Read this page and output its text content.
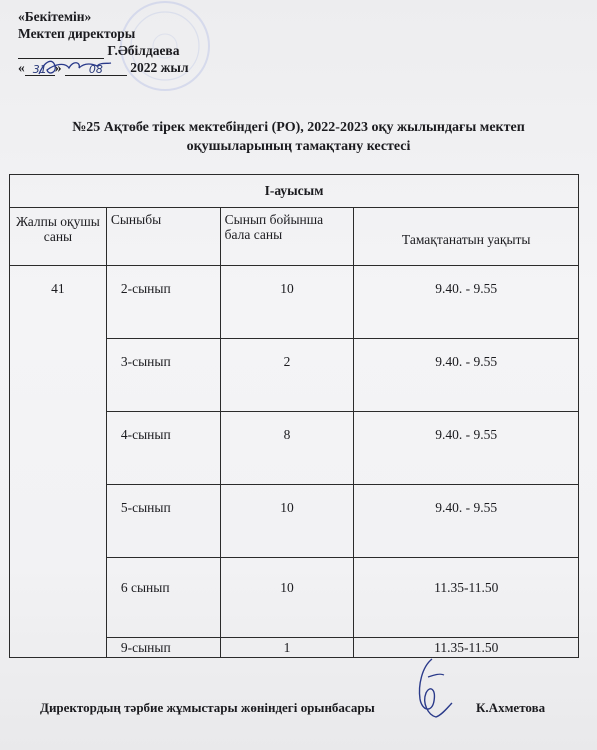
«Бекітемін»
Мектеп директоры
Г.Әбілдаева
« 31 » 08 2022 жыл
№25 Ақтөбе тірек мектебіндегі (РО), 2022-2023 оқу жылындағы мектеп
оқушыларының тамақтану кестесі
І-ауысым			
Жалпы оқушы саны	Сыныбы	Сынып бойынша бала саны	Тамақтанатын уақыты
41	2-сынып	10	9.40. - 9.55
	3-сынып	2	9.40. - 9.55
	4-сынып	8	9.40. - 9.55
	5-сынып	10	9.40. - 9.55
	6 сынып	10	11.35-11.50
	9-сынып	1	11.35-11.50
Директордың тәрбие жұмыстары жөніндегі орынбасары	К.Ахметова
